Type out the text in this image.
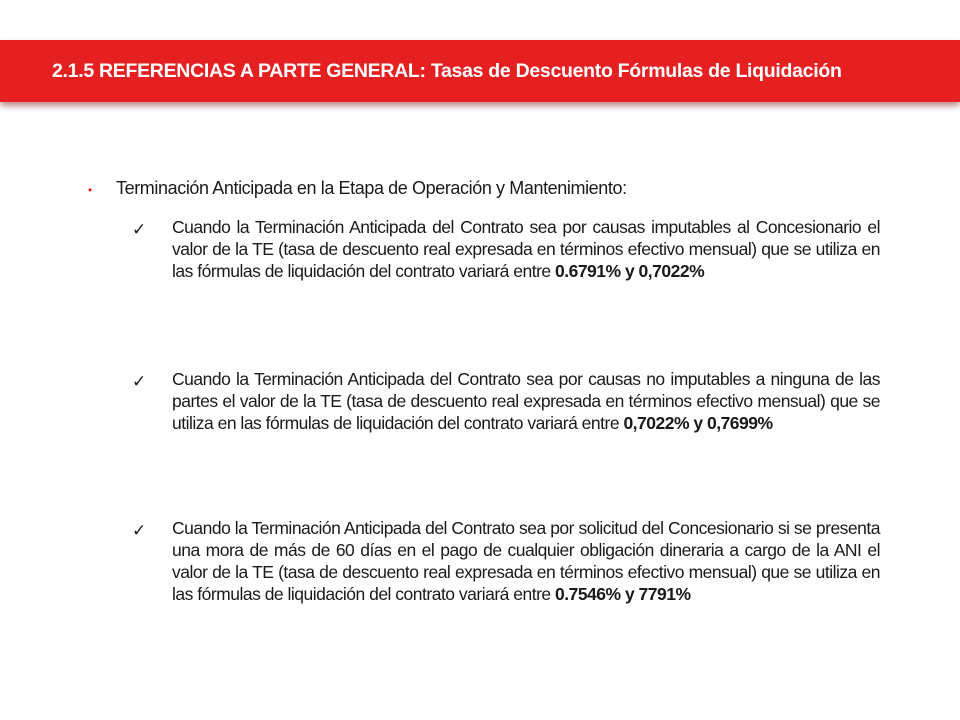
2.1.5 REFERENCIAS A PARTE GENERAL: Tasas de Descuento Fórmulas de Liquidación
•	Terminación Anticipada en la Etapa de Operación y Mantenimiento:
✓	Cuando la Terminación Anticipada del Contrato sea por causas imputables al Concesionario el valor de la TE (tasa de descuento real expresada en términos efectivo mensual) que se utiliza en las fórmulas de liquidación del contrato variará entre 0.6791% y 0,7022%

✓	Cuando la Terminación Anticipada del Contrato sea por causas no imputables a ninguna de las partes el valor de la TE (tasa de descuento real expresada en términos efectivo mensual) que se utiliza en las fórmulas de liquidación del contrato variará entre 0,7022% y 0,7699%

✓	Cuando la Terminación Anticipada del Contrato sea por solicitud del Concesionario si se presenta una mora de más de 60 días en el pago de cualquier obligación dineraria a cargo de la ANI el valor de la TE (tasa de descuento real expresada en términos efectivo mensual) que se utiliza en las fórmulas de liquidación del contrato variará entre 0.7546% y 7791%
